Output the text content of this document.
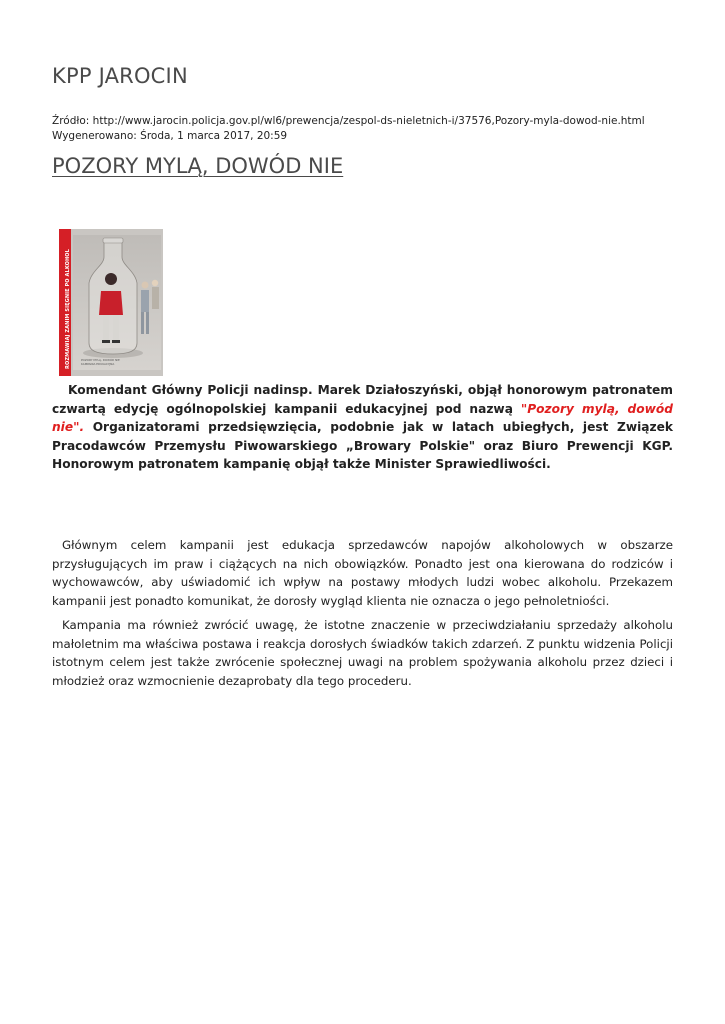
KPP JAROCIN
Źródło: http://www.jarocin.policja.gov.pl/wl6/prewencja/zespol-ds-nieletnich-i/37576,Pozory-myla-dowod-nie.html
Wygenerowano: Środa, 1 marca 2017, 20:59
POZORY MYLĄ, DOWÓD NIE
ROZMAWIAJ ZANIM SIĘGNIE PO ALKOHOL	POZORY MYLĄ, DOWÓD NIE
KAMPANIA EDUKACYJNA

Komendant Główny Policji nadinsp. Marek Działoszyński, objął honorowym patronatem czwartą edycję ogólnopolskiej kampanii edukacyjnej pod nazwą "Pozory mylą, dowód nie". Organizatorami przedsięwzięcia, podobnie jak w latach ubiegłych, jest Związek Pracodawców Przemysłu Piwowarskiego „Browary Polskie" oraz Biuro Prewencji KGP. Honorowym patronatem kampanię objął także Minister Sprawiedliwości.

Głównym celem kampanii jest edukacja sprzedawców napojów alkoholowych w obszarze przysługujących im praw i ciążących na nich obowiązków. Ponadto jest ona kierowana do rodziców i wychowawców, aby uświadomić ich wpływ na postawy młodych ludzi wobec alkoholu. Przekazem kampanii jest ponadto komunikat, że dorosły wygląd klienta nie oznacza o jego pełnoletniości.

Kampania ma również zwrócić uwagę, że istotne znaczenie w przeciwdziałaniu sprzedaży alkoholu małoletnim ma właściwa postawa i reakcja dorosłych świadków takich zdarzeń. Z punktu widzenia Policji istotnym celem jest także zwrócenie społecznej uwagi na problem spożywania alkoholu przez dzieci i młodzież oraz wzmocnienie dezaprobaty dla tego procederu.
